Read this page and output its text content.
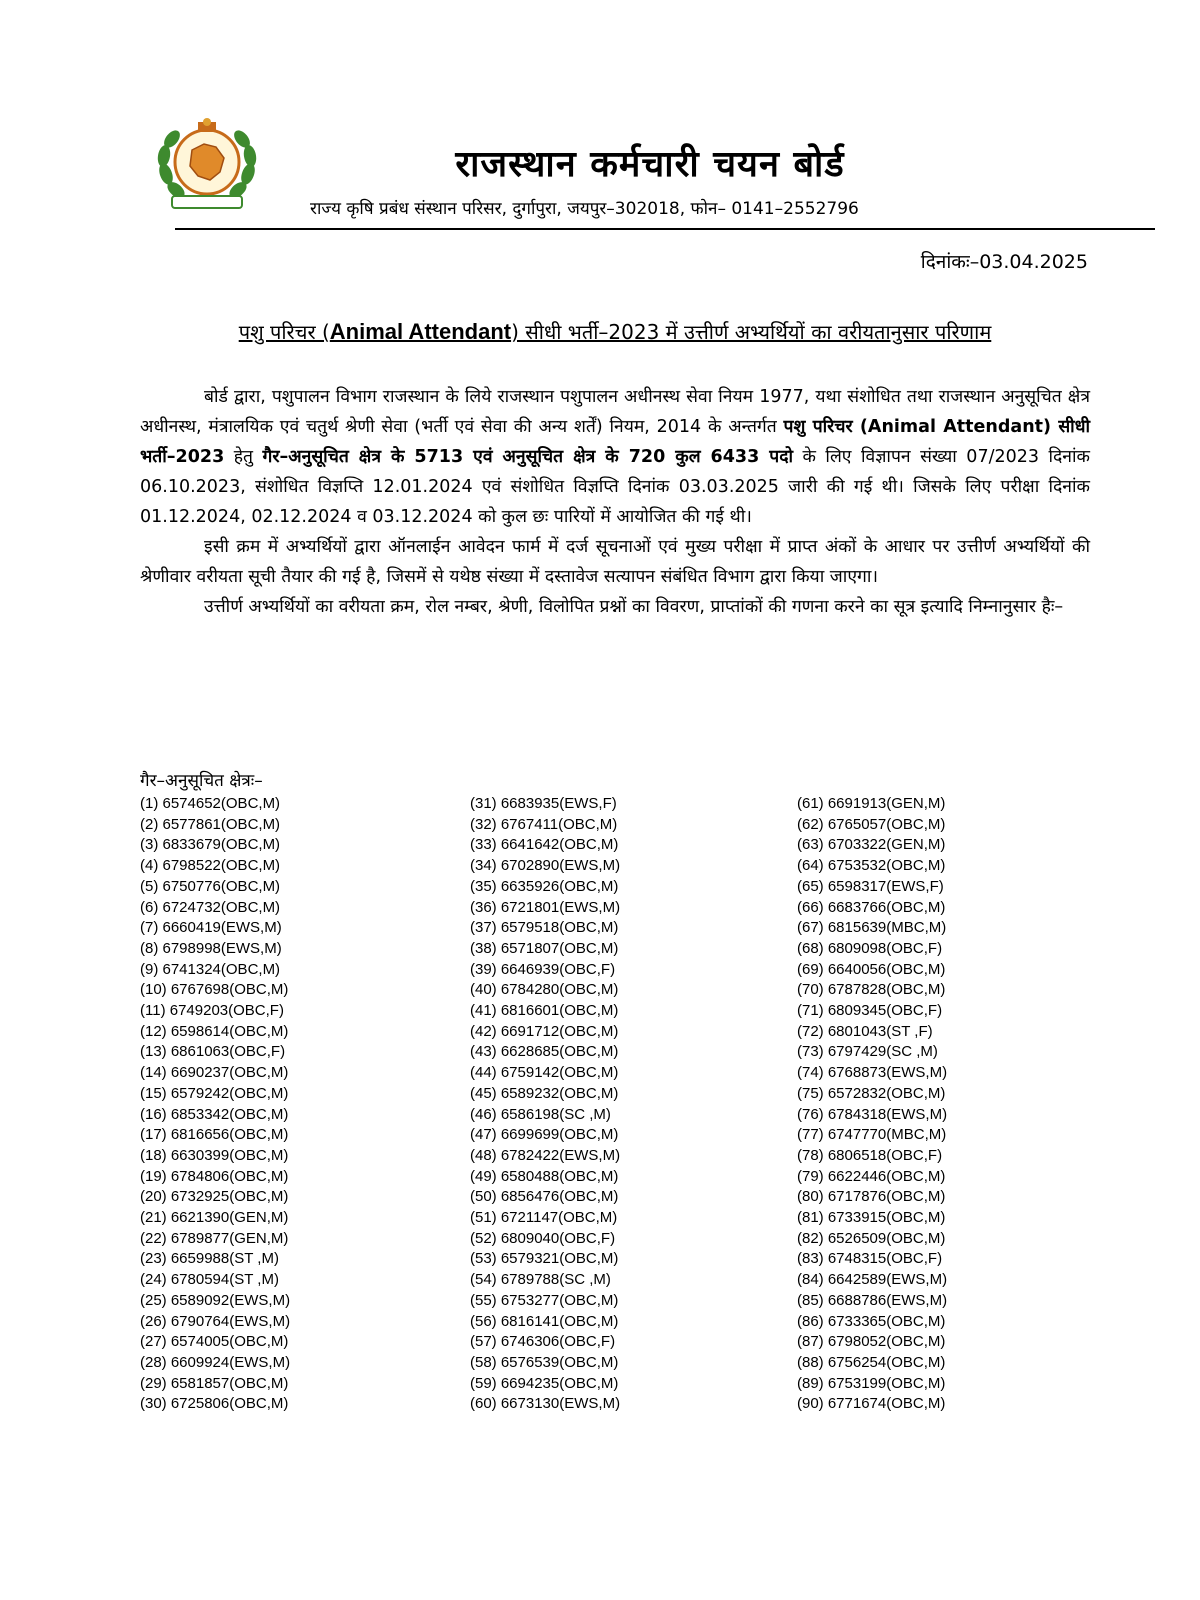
राजस्थान कर्मचारी चयन बोर्ड
राज्य कृषि प्रबंध संस्थान परिसर, दुर्गापुरा, जयपुर–302018, फोन– 0141–2552796
दिनांकः–03.04.2025
पशु परिचर (Animal Attendant) सीधी भर्ती–2023 में उत्तीर्ण अभ्यर्थियों का वरीयतानुसार परिणाम

बोर्ड द्वारा, पशुपालन विभाग राजस्थान के लिये राजस्थान पशुपालन अधीनस्थ सेवा नियम 1977, यथा संशोधित तथा राजस्थान अनुसूचित क्षेत्र अधीनस्थ, मंत्रालयिक एवं चतुर्थ श्रेणी सेवा (भर्ती एवं सेवा की अन्य शर्तें) नियम, 2014 के अन्तर्गत पशु परिचर (Animal Attendant) सीधी भर्ती–2023 हेतु गैर–अनुसूचित क्षेत्र के 5713 एवं अनुसूचित क्षेत्र के 720 कुल 6433 पदो के लिए विज्ञापन संख्या 07/2023 दिनांक 06.10.2023, संशोधित विज्ञप्ति 12.01.2024 एवं संशोधित विज्ञप्ति दिनांक 03.03.2025 जारी की गई थी। जिसके लिए परीक्षा दिनांक 01.12.2024, 02.12.2024 व 03.12.2024 को कुल छः पारियों में आयोजित की गई थी।

इसी क्रम में अभ्यर्थियों द्वारा ऑनलाईन आवेदन फार्म में दर्ज सूचनाओं एवं मुख्य परीक्षा में प्राप्त अंकों के आधार पर उत्तीर्ण अभ्यर्थियों की श्रेणीवार वरीयता सूची तैयार की गई है, जिसमें से यथेष्ठ संख्या में दस्तावेज सत्यापन संबंधित विभाग द्वारा किया जाएगा।

उत्तीर्ण अभ्यर्थियों का वरीयता क्रम, रोल नम्बर, श्रेणी, विलोपित प्रश्नों का विवरण, प्राप्तांकों की गणना करने का सूत्र इत्यादि निम्नानुसार हैः–

गैर–अनुसूचित क्षेत्रः–
(1) 6574652(OBC,M)
(2) 6577861(OBC,M)
(3) 6833679(OBC,M)
(4) 6798522(OBC,M)
(5) 6750776(OBC,M)
(6) 6724732(OBC,M)
(7) 6660419(EWS,M)
(8) 6798998(EWS,M)
(9) 6741324(OBC,M)
(10) 6767698(OBC,M)
(11) 6749203(OBC,F)
(12) 6598614(OBC,M)
(13) 6861063(OBC,F)
(14) 6690237(OBC,M)
(15) 6579242(OBC,M)
(16) 6853342(OBC,M)
(17) 6816656(OBC,M)
(18) 6630399(OBC,M)
(19) 6784806(OBC,M)
(20) 6732925(OBC,M)
(21) 6621390(GEN,M)
(22) 6789877(GEN,M)
(23) 6659988(ST ,M)
(24) 6780594(ST ,M)
(25) 6589092(EWS,M)
(26) 6790764(EWS,M)
(27) 6574005(OBC,M)
(28) 6609924(EWS,M)
(29) 6581857(OBC,M)
(30) 6725806(OBC,M)
(31) 6683935(EWS,F)
(32) 6767411(OBC,M)
(33) 6641642(OBC,M)
(34) 6702890(EWS,M)
(35) 6635926(OBC,M)
(36) 6721801(EWS,M)
(37) 6579518(OBC,M)
(38) 6571807(OBC,M)
(39) 6646939(OBC,F)
(40) 6784280(OBC,M)
(41) 6816601(OBC,M)
(42) 6691712(OBC,M)
(43) 6628685(OBC,M)
(44) 6759142(OBC,M)
(45) 6589232(OBC,M)
(46) 6586198(SC ,M)
(47) 6699699(OBC,M)
(48) 6782422(EWS,M)
(49) 6580488(OBC,M)
(50) 6856476(OBC,M)
(51) 6721147(OBC,M)
(52) 6809040(OBC,F)
(53) 6579321(OBC,M)
(54) 6789788(SC ,M)
(55) 6753277(OBC,M)
(56) 6816141(OBC,M)
(57) 6746306(OBC,F)
(58) 6576539(OBC,M)
(59) 6694235(OBC,M)
(60) 6673130(EWS,M)
(61) 6691913(GEN,M)
(62) 6765057(OBC,M)
(63) 6703322(GEN,M)
(64) 6753532(OBC,M)
(65) 6598317(EWS,F)
(66) 6683766(OBC,M)
(67) 6815639(MBC,M)
(68) 6809098(OBC,F)
(69) 6640056(OBC,M)
(70) 6787828(OBC,M)
(71) 6809345(OBC,F)
(72) 6801043(ST ,F)
(73) 6797429(SC ,M)
(74) 6768873(EWS,M)
(75) 6572832(OBC,M)
(76) 6784318(EWS,M)
(77) 6747770(MBC,M)
(78) 6806518(OBC,F)
(79) 6622446(OBC,M)
(80) 6717876(OBC,M)
(81) 6733915(OBC,M)
(82) 6526509(OBC,M)
(83) 6748315(OBC,F)
(84) 6642589(EWS,M)
(85) 6688786(EWS,M)
(86) 6733365(OBC,M)
(87) 6798052(OBC,M)
(88) 6756254(OBC,M)
(89) 6753199(OBC,M)
(90) 6771674(OBC,M)
